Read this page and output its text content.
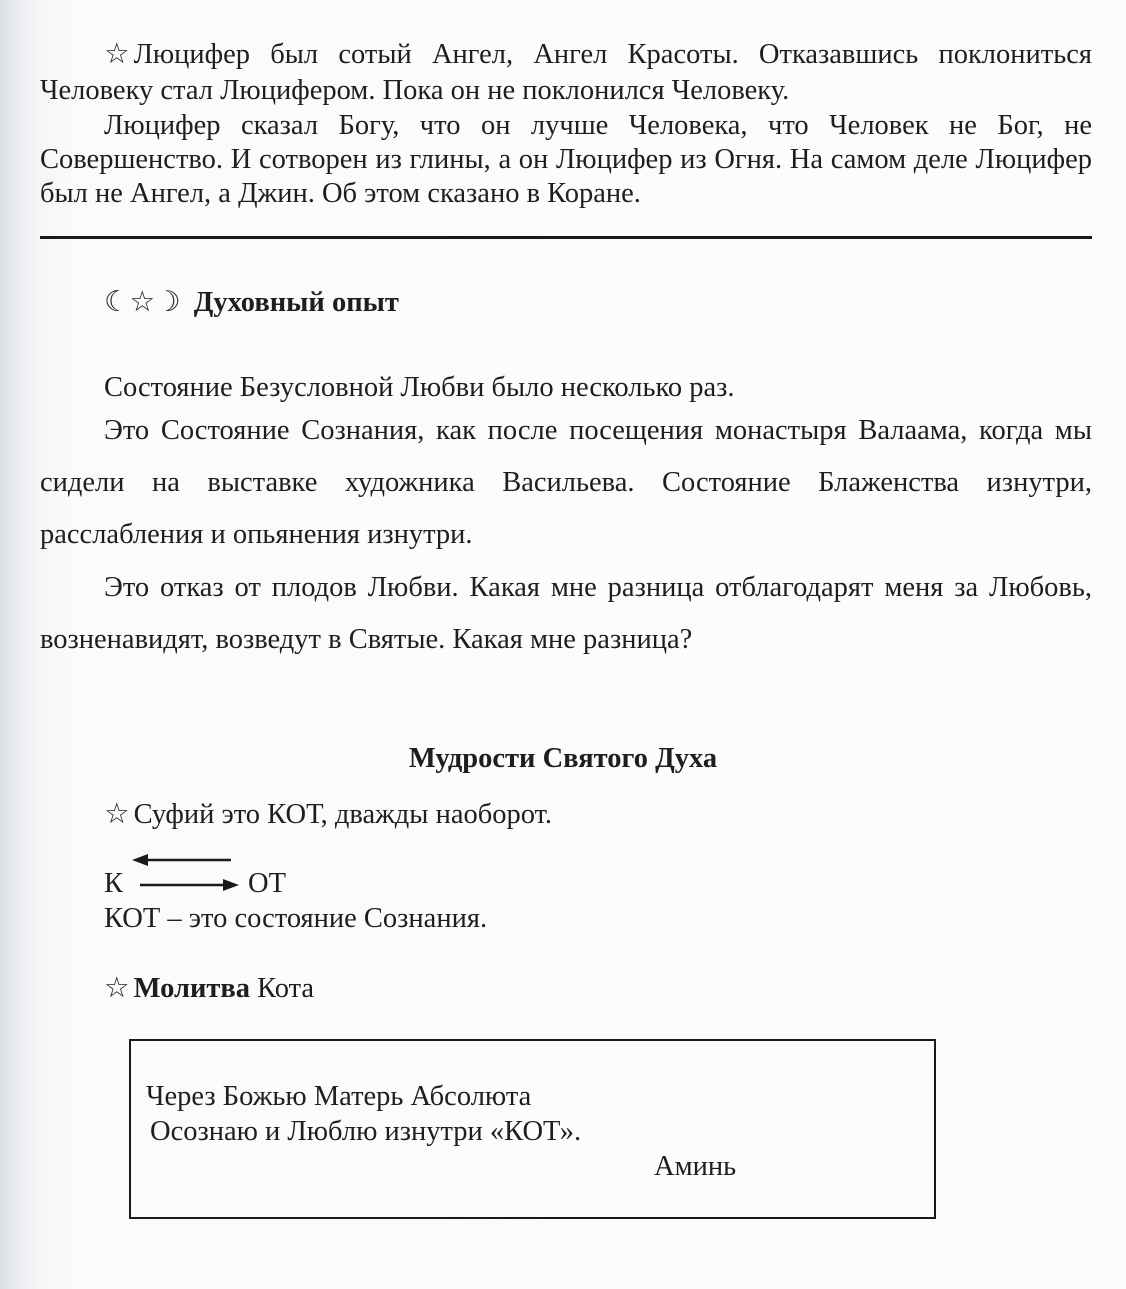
☆ Люцифер был сотый Ангел, Ангел Красоты. Отказавшись поклониться

Человеку стал Люцифером. Пока он не поклонился Человеку.

Люцифер сказал Богу, что он лучше Человека, что Человек не Бог, не Совершенство. И сотворен из глины, а он Люцифер из Огня. На самом деле Люцифер был не Ангел, а Джин. Об этом сказано в Коране.

☾☆☽ Духовный опыт

Состояние Безусловной Любви было несколько раз.

Это Состояние Сознания, как после посещения монастыря Валаама, когда мы сидели на выставке художника Васильева. Состояние Блаженства изнутри, расслабления и опьянения изнутри.

Это отказ от плодов Любви. Какая мне разница отблагодарят меня за Любовь, возненавидят, возведут в Святые. Какая мне разница?

Мудрости Святого Духа
☆ Суфий это КОТ, дважды наоборот.
К	ОТ
КОТ – это состояние Сознания.
☆ Молитва Кота
Через Божью Матерь Абсолюта
Осознаю и Люблю изнутри «КОТ».
Аминь
